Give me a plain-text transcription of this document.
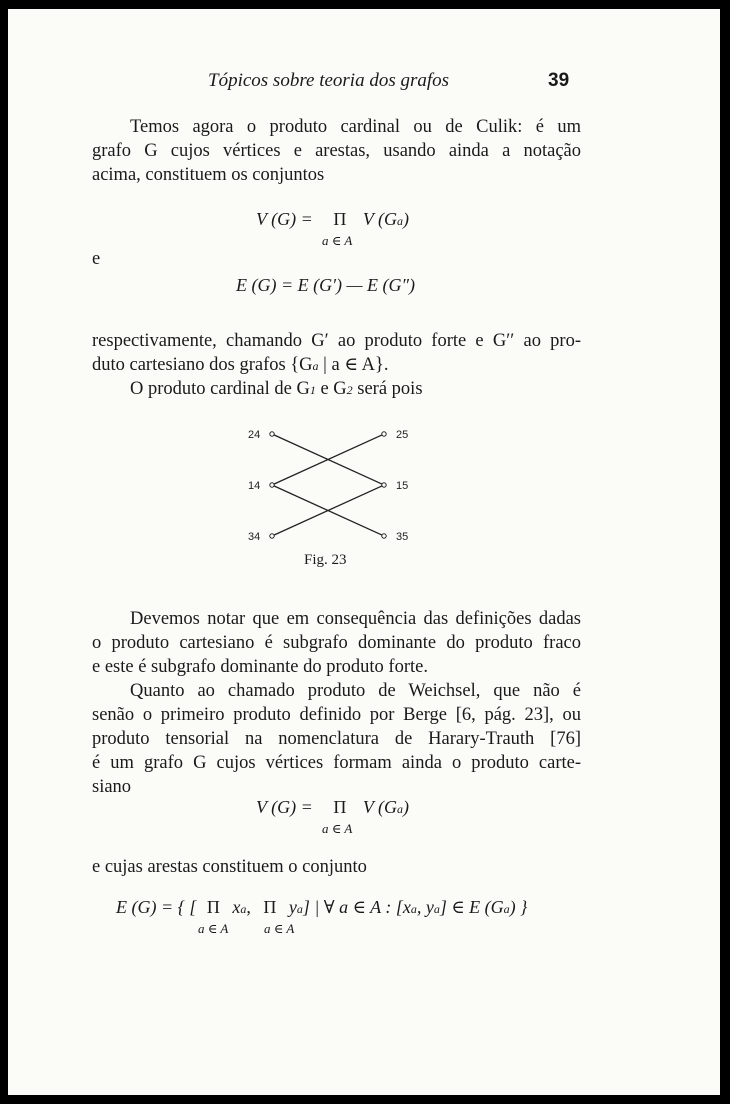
Tópicos sobre teoria dos grafos	39
Temos agora o produto cardinal ou de Culik: é um
grafo G cujos vértices e arestas, usando ainda a notação
acima, constituem os conjuntos
V (G) = Π V (Ga)
a ∈ A
e
E (G) = E (G′) — E (G″)
respectivamente, chamando G′ ao produto forte e G′′ ao pro-
duto cartesiano dos grafos {Ga | a ∈ A}.
O produto cardinal de G1 e G2 será pois
24
14
34
25
15
35
Fig. 23
Devemos notar que em consequência das definições dadas
o produto cartesiano é subgrafo dominante do produto fraco
e este é subgrafo dominante do produto forte.
Quanto ao chamado produto de Weichsel, que não é
senão o primeiro produto definido por Berge [6, pág. 23], ou
produto tensorial na nomenclatura de Harary-Trauth [76]
é um grafo G cujos vértices formam ainda o produto carte-
siano
V (G) = Π V (Ga)
a ∈ A
e cujas arestas constituem o conjunto
E (G) = { [ Π xa, Π ya] | ∀ a ∈ A : [xa, ya] ∈ E (Ga) }
a ∈ A	a ∈ A
